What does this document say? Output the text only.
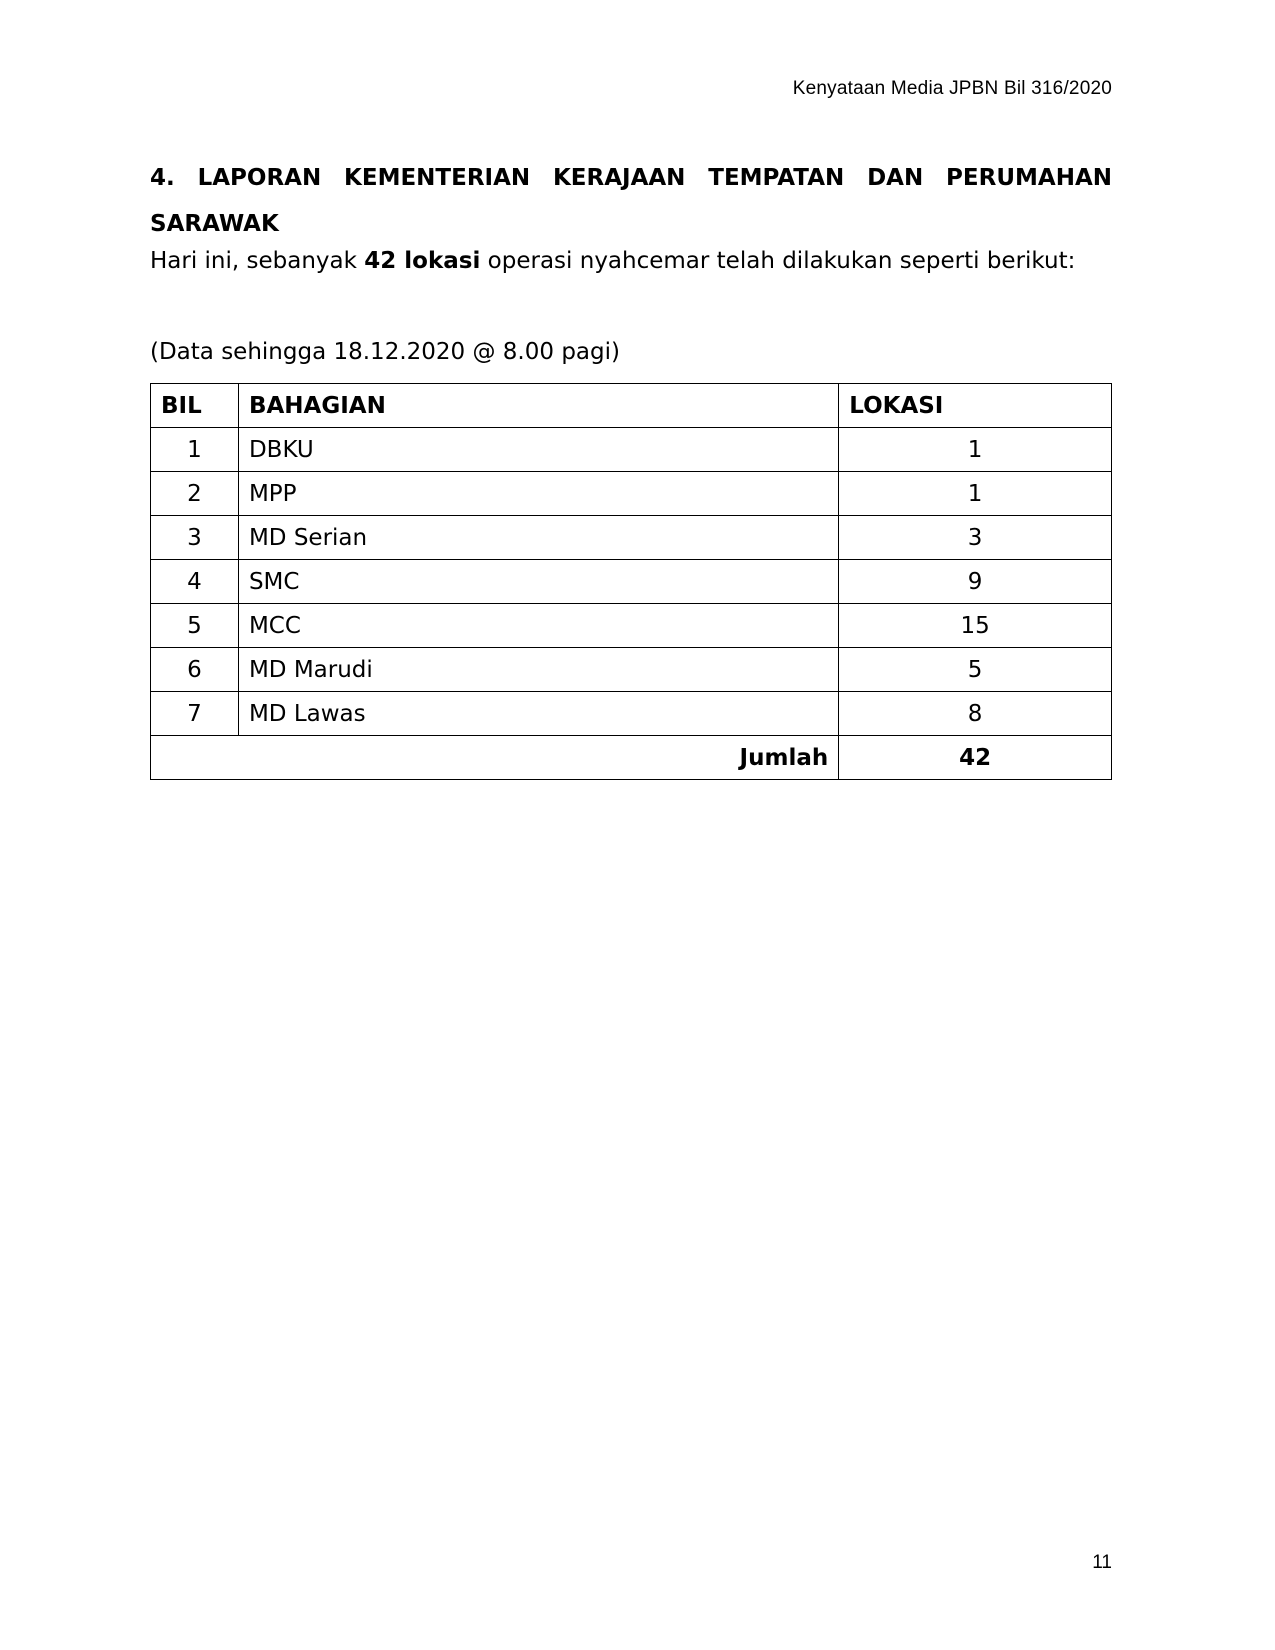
Kenyataan Media JPBN Bil 316/2020
4. LAPORAN KEMENTERIAN KERAJAAN TEMPATAN DAN PERUMAHAN
SARAWAK

Hari ini, sebanyak 42 lokasi operasi nyahcemar telah dilakukan seperti berikut:

(Data sehingga 18.12.2020 @ 8.00 pagi)

BIL	BAHAGIAN	LOKASI
1	DBKU	1
2	MPP	1
3	MD Serian	3
4	SMC	9
5	MCC	15
6	MD Marudi	5
7	MD Lawas	8
Jumlah		42
11
